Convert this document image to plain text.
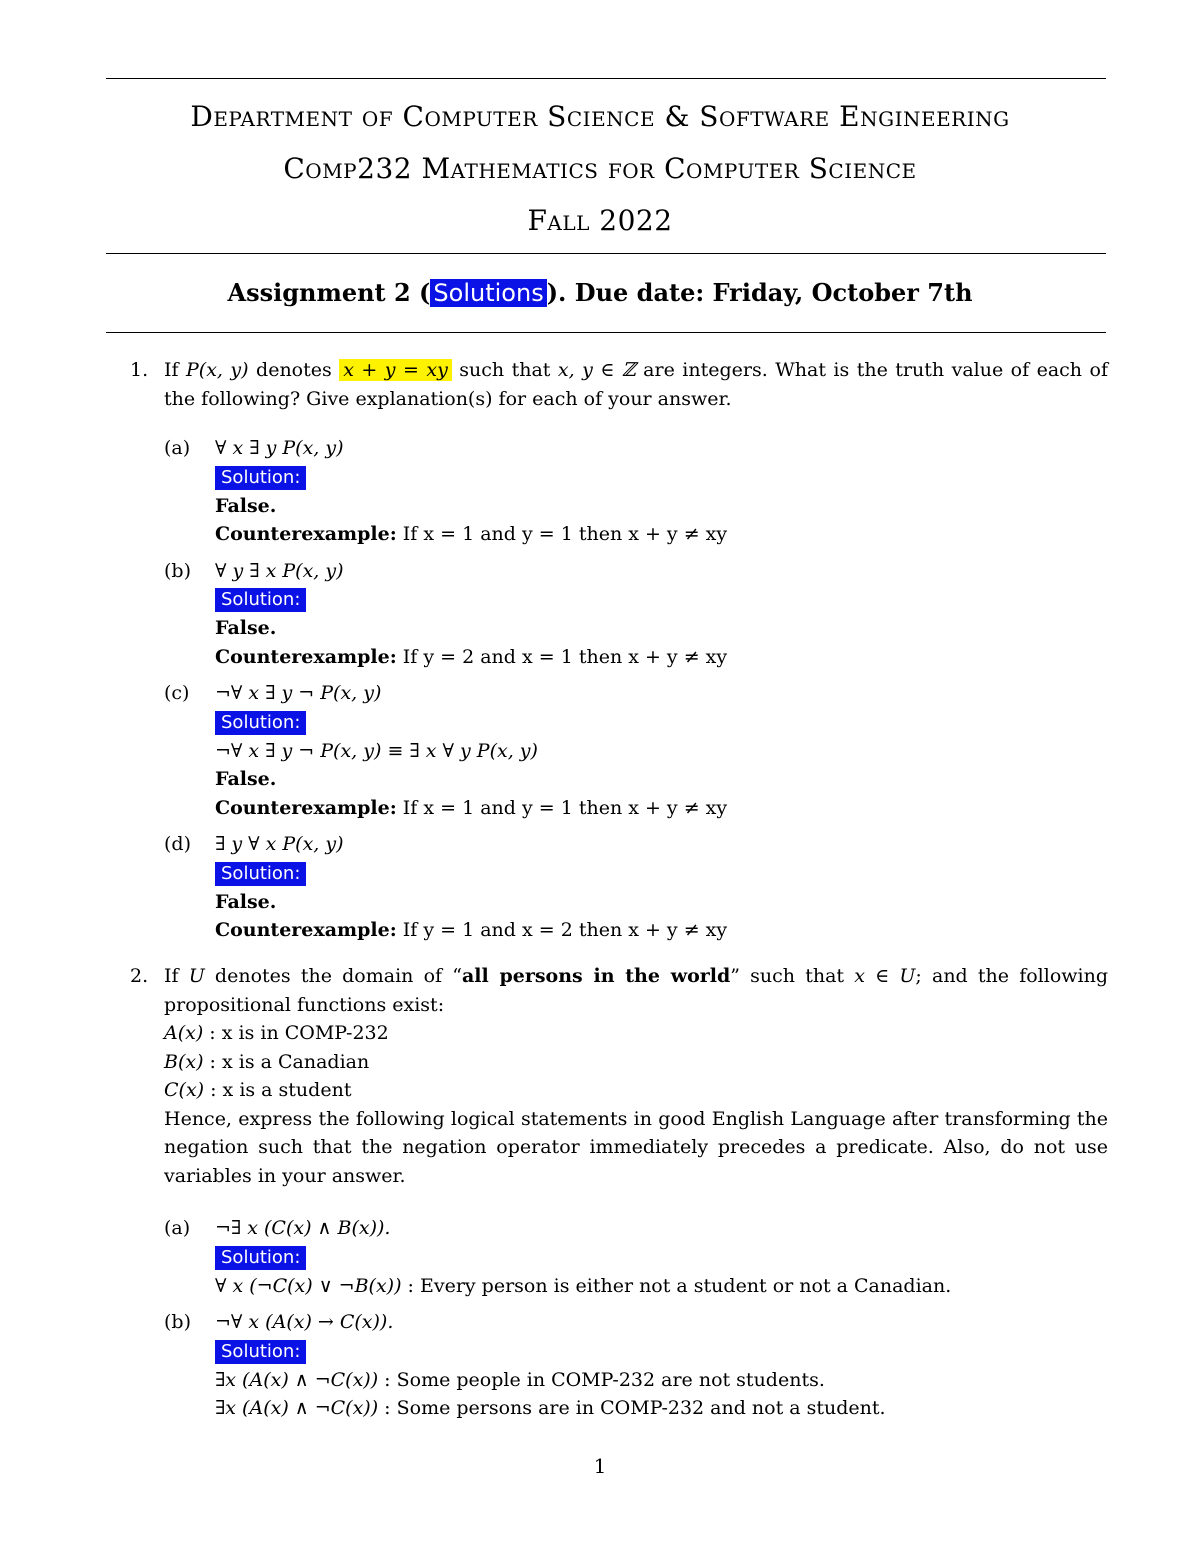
Department of Computer Science & Software Engineering
Comp232 Mathematics for Computer Science
Fall 2022
Assignment 2 ( Solutions ). Due date: Friday, October 7th
1. If P(x, y) denotes x + y = xy such that x, y ∈ ℤ are integers. What is the truth value of each of the following? Give explanation(s) for each of your answer.
(a) ∀ x ∃ y P(x, y)
Solution:
False.
Counterexample: If x = 1 and y = 1 then x + y ≠ xy
(b) ∀ y ∃ x P(x, y)
Solution:
False.
Counterexample: If y = 2 and x = 1 then x + y ≠ xy
(c) ¬∀ x ∃ y ¬ P(x, y)
Solution:
¬∀ x ∃ y ¬ P(x, y) ≡ ∃ x ∀ y P(x, y)
False.
Counterexample: If x = 1 and y = 1 then x + y ≠ xy
(d) ∃ y ∀ x P(x, y)
Solution:
False.
Counterexample: If y = 1 and x = 2 then x + y ≠ xy
2. If U denotes the domain of “all persons in the world” such that x ∈ U; and the following propositional functions exist:
A(x) : x is in COMP-232
B(x) : x is a Canadian
C(x) : x is a student
Hence, express the following logical statements in good English Language after transforming the negation such that the negation operator immediately precedes a predicate. Also, do not use variables in your answer.
(a) ¬∃ x (C(x) ∧ B(x)).
Solution:
∀ x (¬C(x) ∨ ¬B(x)) : Every person is either not a student or not a Canadian.
(b) ¬∀ x (A(x) → C(x)).
Solution:
∃x (A(x) ∧ ¬C(x)) : Some people in COMP-232 are not students.
∃x (A(x) ∧ ¬C(x)) : Some persons are in COMP-232 and not a student.
1
